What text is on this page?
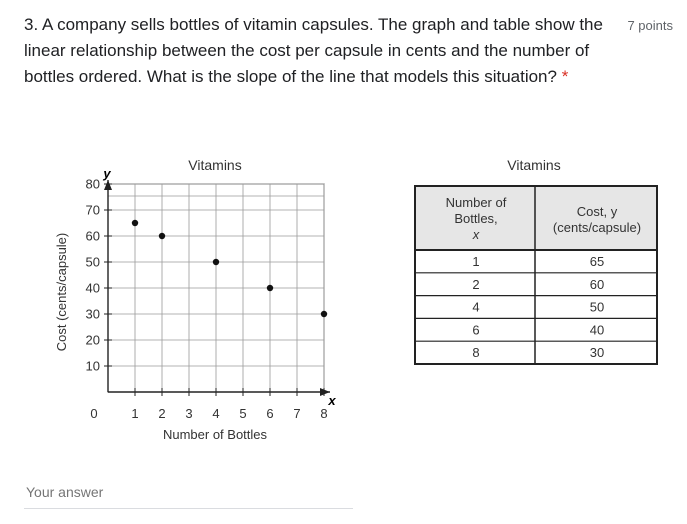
3. A company sells bottles of vitamin capsules. The graph and table show the linear relationship between the cost per capsule in cents and the number of bottles ordered. What is the slope of the line that models this situation? *
7 points
Vitamins
y
x
0	1 2 3 4 5 6 7 8
10
20
30
40
50
60
70
80
Number of Bottles
Cost (cents/capsule)
Vitamins
Number of
Bottles,
x
Cost, y
(cents/capsule)
1	65
2	60
4	50
6	40
8	30
Your answer
